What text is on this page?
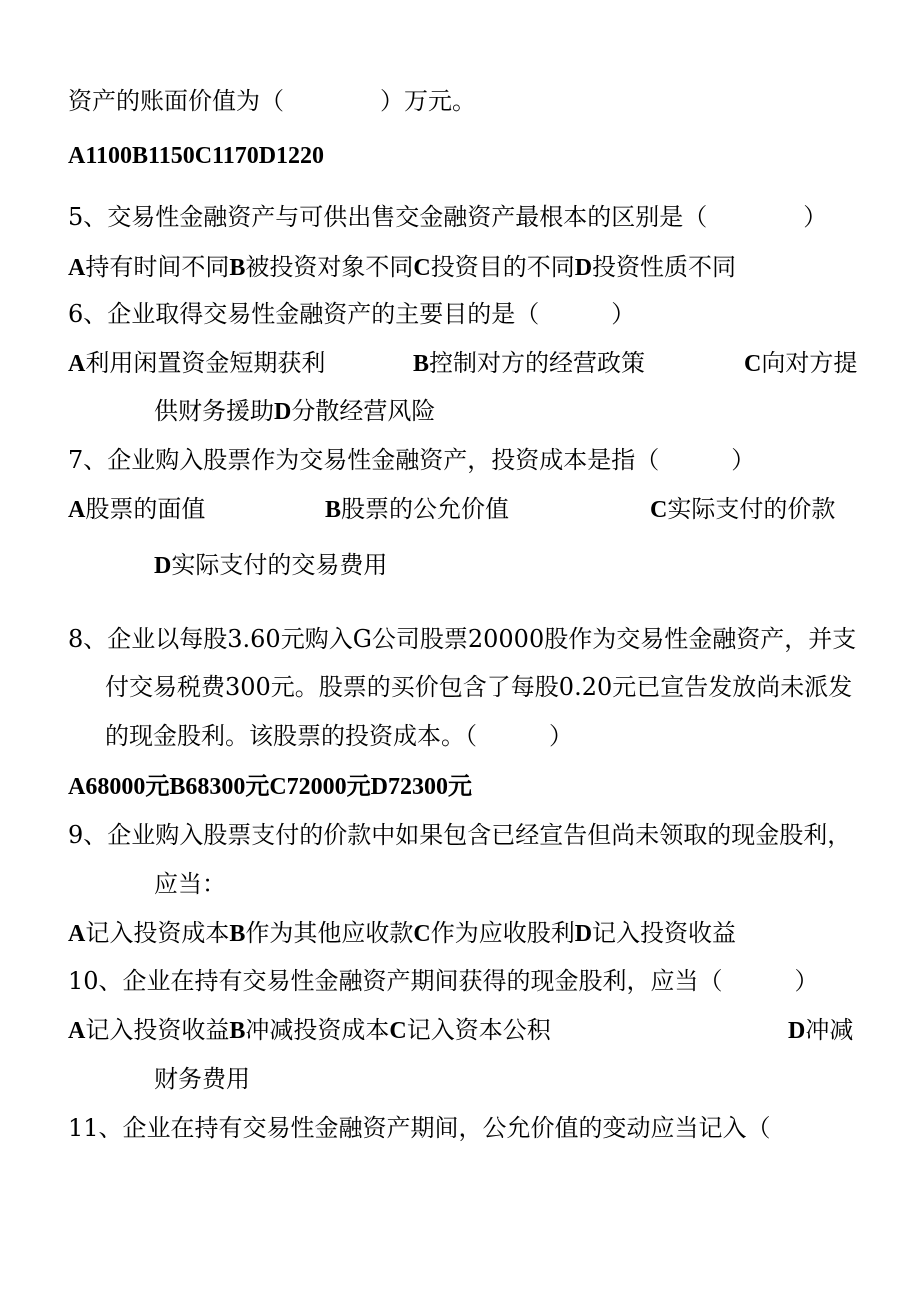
资产的账面价值为（　　　　）万元。
A1100B1150C1170D1220
5、交易性金融资产与可供出售交金融资产最根本的区别是（　　　　）
A持有时间不同B被投资对象不同C投资目的不同D投资性质不同
6、企业取得交易性金融资产的主要目的是（　　　）
A利用闲置资金短期获利	B控制对方的经营政策	C向对方提
供财务援助D分散经营风险
7、企业购入股票作为交易性金融资产，投资成本是指（　　　）
A股票的面值	B股票的公允价值	C实际支付的价款
D实际支付的交易费用
8、企业以每股3.60元购入G公司股票20000股作为交易性金融资产，并支
付交易税费300元。股票的买价包含了每股0.20元已宣告发放尚未派发
的现金股利。该股票的投资成本。（　　　）
A68000元B68300元C72000元D72300元
9、企业购入股票支付的价款中如果包含已经宣告但尚未领取的现金股利，
应当：
A记入投资成本B作为其他应收款C作为应收股利D记入投资收益
10、企业在持有交易性金融资产期间获得的现金股利，应当（　　　）
A记入投资收益B冲减投资成本C记入资本公积	D冲减
财务费用
11、企业在持有交易性金融资产期间，公允价值的变动应当记入（
